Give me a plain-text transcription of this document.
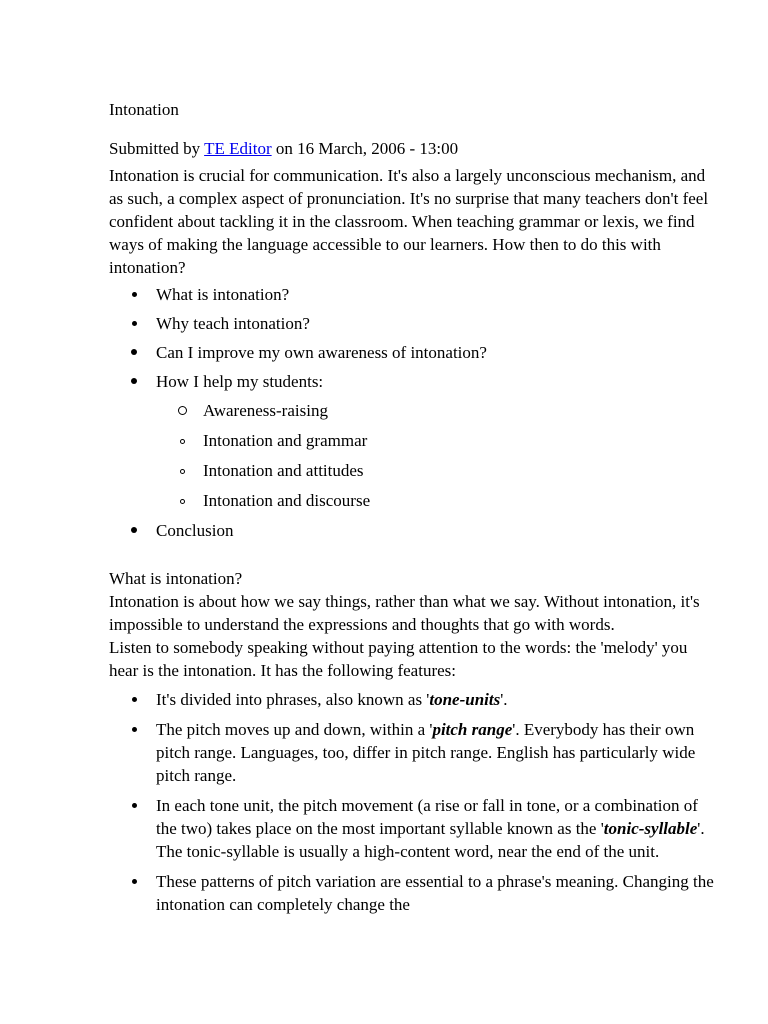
Intonation
Submitted by TE Editor on 16 March, 2006 - 13:00

Intonation is crucial for communication. It's also a largely unconscious mechanism, and as such, a complex aspect of pronunciation. It's no surprise that many teachers don't feel confident about tackling it in the classroom. When teaching grammar or lexis, we find ways of making the language accessible to our learners. How then to do this with intonation?

What is intonation?
Why teach intonation?
Can I improve my own awareness of intonation?
How I help my students:
Awareness-raising
Intonation and grammar
Intonation and attitudes
Intonation and discourse
Conclusion
What is intonation?

Intonation is about how we say things, rather than what we say. Without intonation, it's impossible to understand the expressions and thoughts that go with words.

Listen to somebody speaking without paying attention to the words: the 'melody' you hear is the intonation. It has the following features:

It's divided into phrases, also known as 'tone-units'.
The pitch moves up and down, within a 'pitch range'. Everybody has their own pitch range. Languages, too, differ in pitch range. English has particularly wide pitch range.
In each tone unit, the pitch movement (a rise or fall in tone, or a combination of the two) takes place on the most important syllable known as the 'tonic-syllable'. The tonic-syllable is usually a high-content word, near the end of the unit.
These patterns of pitch variation are essential to a phrase's meaning. Changing the intonation can completely change the
